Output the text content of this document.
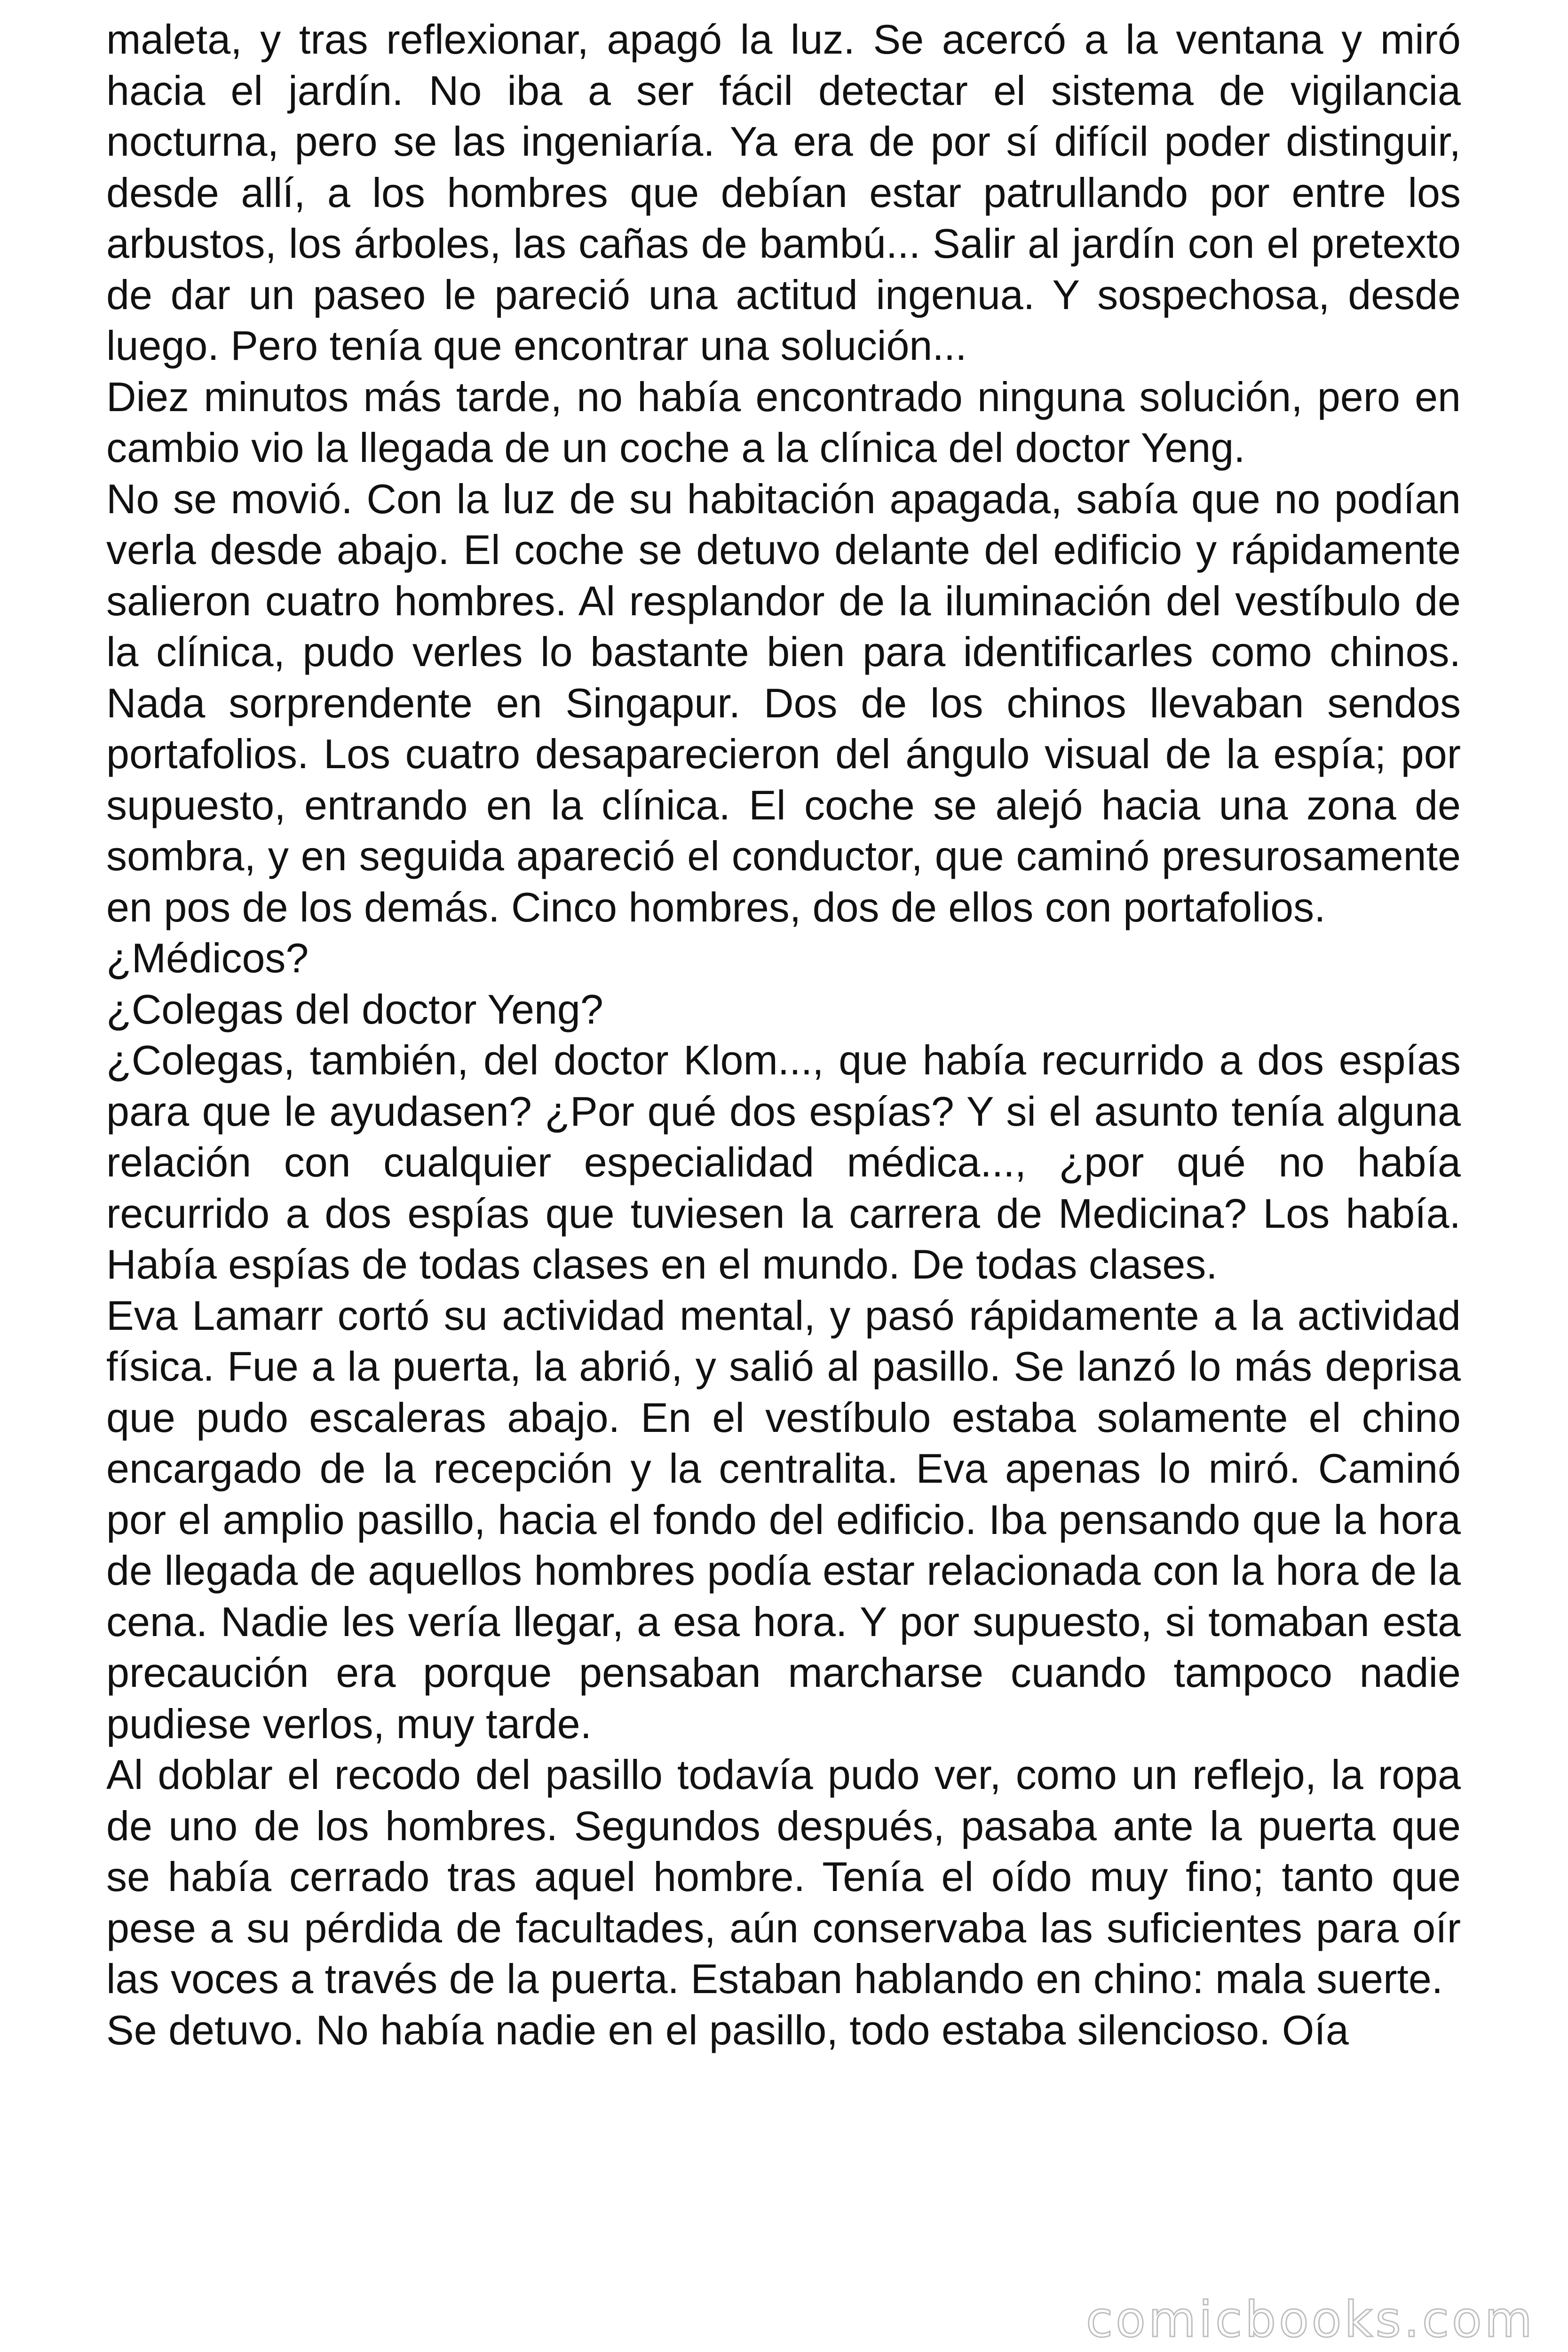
maleta, y tras reflexionar, apagó la luz. Se acercó a la ventana y miró hacia el jardín. No iba a ser fácil detectar el sistema de vigilancia nocturna, pero se las ingeniaría. Ya era de por sí difícil poder distinguir, desde allí, a los hombres que debían estar patrullando por entre los arbustos, los árboles, las cañas de bambú... Salir al jardín con el pretexto de dar un paseo le pareció una actitud ingenua. Y sospechosa, desde luego. Pero tenía que encontrar una solución...

Diez minutos más tarde, no había encontrado ninguna solución, pero en cambio vio la llegada de un coche a la clínica del doctor Yeng.

No se movió. Con la luz de su habitación apagada, sabía que no podían verla desde abajo. El coche se detuvo delante del edificio y rápidamente salieron cuatro hombres. Al resplandor de la iluminación del vestíbulo de la clínica, pudo verles lo bastante bien para identificarles como chinos. Nada sorprendente en Singapur. Dos de los chinos llevaban sendos portafolios. Los cuatro desaparecieron del ángulo visual de la espía; por supuesto, entrando en la clínica. El coche se alejó hacia una zona de sombra, y en seguida apareció el conductor, que caminó presurosamente en pos de los demás. Cinco hombres, dos de ellos con portafolios.

¿Médicos?

¿Colegas del doctor Yeng?

¿Colegas, también, del doctor Klom..., que había recurrido a dos espías para que le ayudasen? ¿Por qué dos espías? Y si el asunto tenía alguna relación con cualquier especialidad médica..., ¿por qué no había recurrido a dos espías que tuviesen la carrera de Medicina? Los había. Había espías de todas clases en el mundo. De todas clases.

Eva Lamarr cortó su actividad mental, y pasó rápidamente a la actividad física. Fue a la puerta, la abrió, y salió al pasillo. Se lanzó lo más deprisa que pudo escaleras abajo. En el vestíbulo estaba solamente el chino encargado de la recepción y la centralita. Eva apenas lo miró. Caminó por el amplio pasillo, hacia el fondo del edificio. Iba pensando que la hora de llegada de aquellos hombres podía estar relacionada con la hora de la cena. Nadie les vería llegar, a esa hora. Y por supuesto, si tomaban esta precaución era porque pensaban marcharse cuando tampoco nadie pudiese verlos, muy tarde.

Al doblar el recodo del pasillo todavía pudo ver, como un reflejo, la ropa de uno de los hombres. Segundos después, pasaba ante la puerta que se había cerrado tras aquel hombre. Tenía el oído muy fino; tanto que pese a su pérdida de facultades, aún conservaba las suficientes para oír las voces a través de la puerta. Estaban hablando en chino: mala suerte.

Se detuvo. No había nadie en el pasillo, todo estaba silencioso. Oía

comicbooks.com
